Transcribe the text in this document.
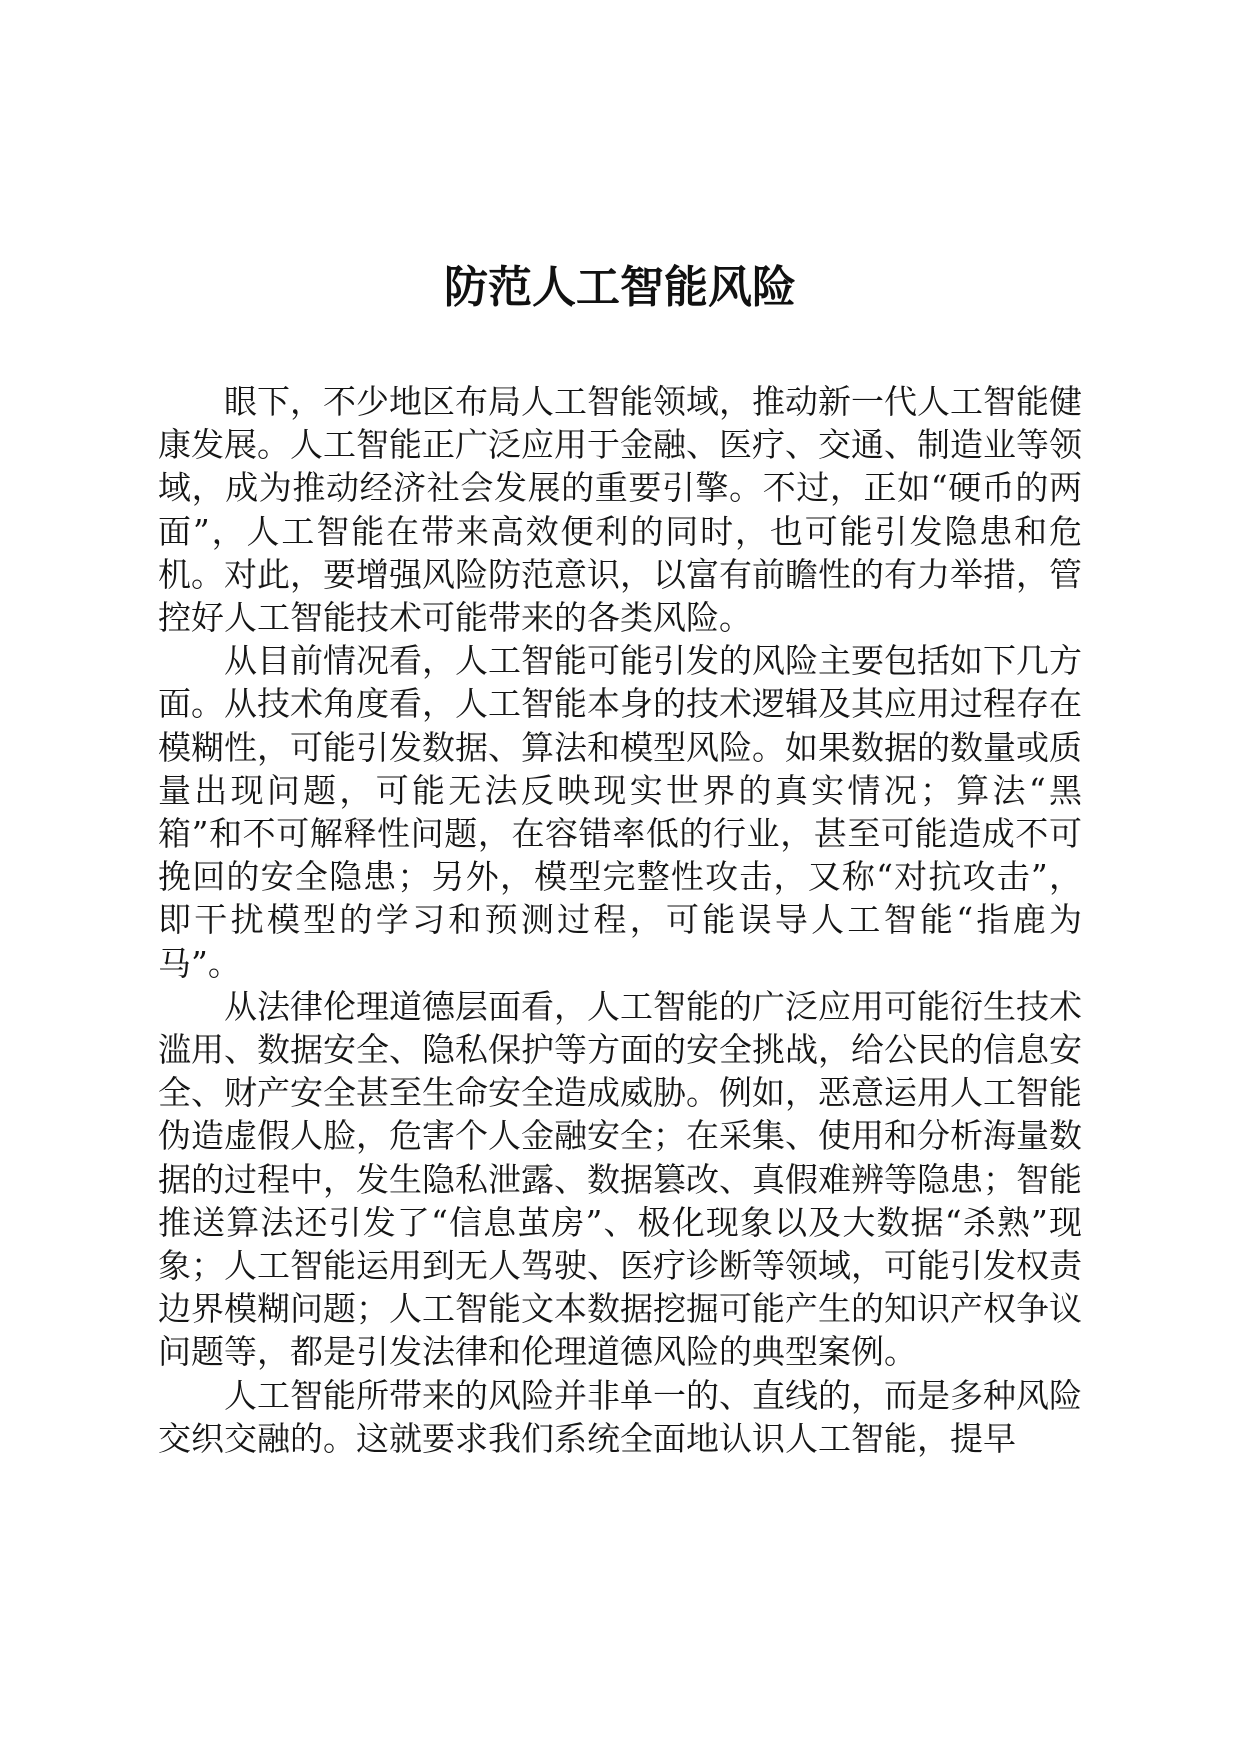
防范人工智能风险

眼下，不少地区布局人工智能领域，推动新一代人工智能健康发展。人工智能正广泛应用于金融、医疗、交通、制造业等领域，成为推动经济社会发展的重要引擎。不过，正如“硬币的两面”，人工智能在带来高效便利的同时，也可能引发隐患和危机。对此，要增强风险防范意识，以富有前瞻性的有力举措，管控好人工智能技术可能带来的各类风险。

从目前情况看，人工智能可能引发的风险主要包括如下几方面。从技术角度看，人工智能本身的技术逻辑及其应用过程存在模糊性，可能引发数据、算法和模型风险。如果数据的数量或质量出现问题，可能无法反映现实世界的真实情况；算法“黑箱”和不可解释性问题，在容错率低的行业，甚至可能造成不可挽回的安全隐患；另外，模型完整性攻击，又称“对抗攻击”，即干扰模型的学习和预测过程，可能误导人工智能“指鹿为马”。

从法律伦理道德层面看，人工智能的广泛应用可能衍生技术滥用、数据安全、隐私保护等方面的安全挑战，给公民的信息安全、财产安全甚至生命安全造成威胁。例如，恶意运用人工智能伪造虚假人脸，危害个人金融安全；在采集、使用和分析海量数据的过程中，发生隐私泄露、数据篡改、真假难辨等隐患；智能推送算法还引发了“信息茧房”、极化现象以及大数据“杀熟”现象；人工智能运用到无人驾驶、医疗诊断等领域，可能引发权责边界模糊问题；人工智能文本数据挖掘可能产生的知识产权争议问题等，都是引发法律和伦理道德风险的典型案例。

人工智能所带来的风险并非单一的、直线的，而是多种风险交织交融的。这就要求我们系统全面地认识人工智能，提早
